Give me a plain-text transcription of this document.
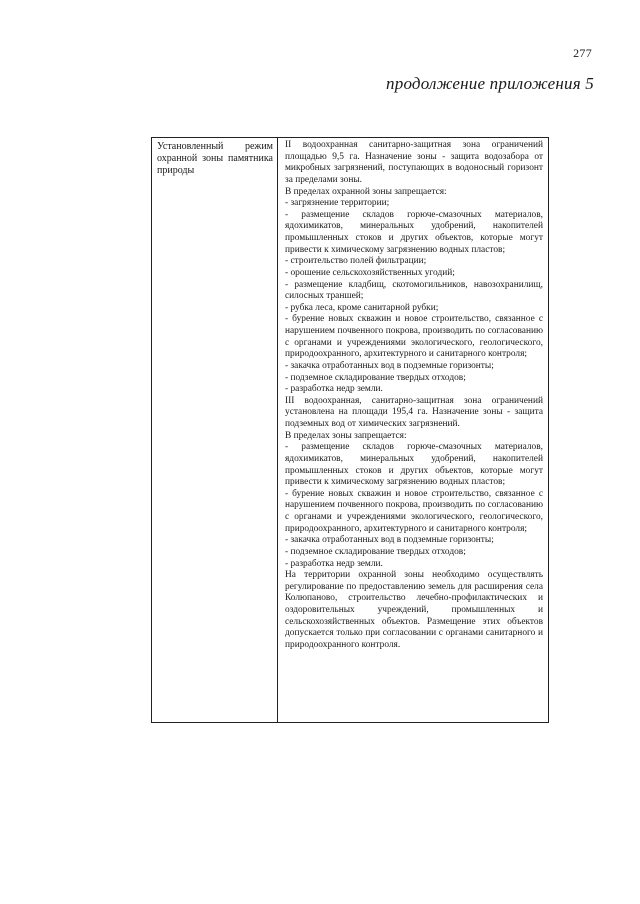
277
продолжение приложения 5
Установленный режим охранной зоны памятника природы

II водоохранная санитарно-защитная зона ограничений площадью 9,5 га. Назначение зоны - защита водозабора от микробных загрязнений, поступающих в водоносный горизонт за пределами зоны.

В пределах охранной зоны запрещается:

- загрязнение территории;

- размещение складов горюче-смазочных материалов, ядохимикатов, минеральных удобрений, накопителей промышленных стоков и других объектов, которые могут привести к химическому загрязнению водных пластов;

- строительство полей фильтрации;

- орошение сельскохозяйственных угодий;

- размещение кладбищ, скотомогильников, навозохранилищ, силосных траншей;

- рубка леса, кроме санитарной рубки;

- бурение новых скважин и новое строительство, связанное с нарушением почвенного покрова, производить по согласованию с органами и учреждениями экологического, геологического, природоохранного, архитектурного и санитарного контроля;

- закачка отработанных вод в подземные горизонты;

- подземное складирование твердых отходов;

- разработка недр земли.

III водоохранная, санитарно-защитная зона ограничений установлена на площади 195,4 га. Назначение зоны - защита подземных вод от химических загрязнений.

В пределах зоны запрещается:

- размещение складов горюче-смазочных материалов, ядохимикатов, минеральных удобрений, накопителей промышленных стоков и других объектов, которые могут привести к химическому загрязнению водных пластов;

- бурение новых скважин и новое строительство, связанное с нарушением почвенного покрова, производить по согласованию с органами и учреждениями экологического, геологического, природоохранного, архитектурного и санитарного контроля;

- закачка отработанных вод в подземные горизонты;

- подземное складирование твердых отходов;

- разработка недр земли.

На территории охранной зоны необходимо осуществлять регулирование по предоставлению земель для расширения села Колюпаново, строительство лечебно-профилактических и оздоровительных учреждений, промышленных и сельскохозяйственных объектов. Размещение этих объектов допускается только при согласовании с органами санитарного и природоохранного контроля.
